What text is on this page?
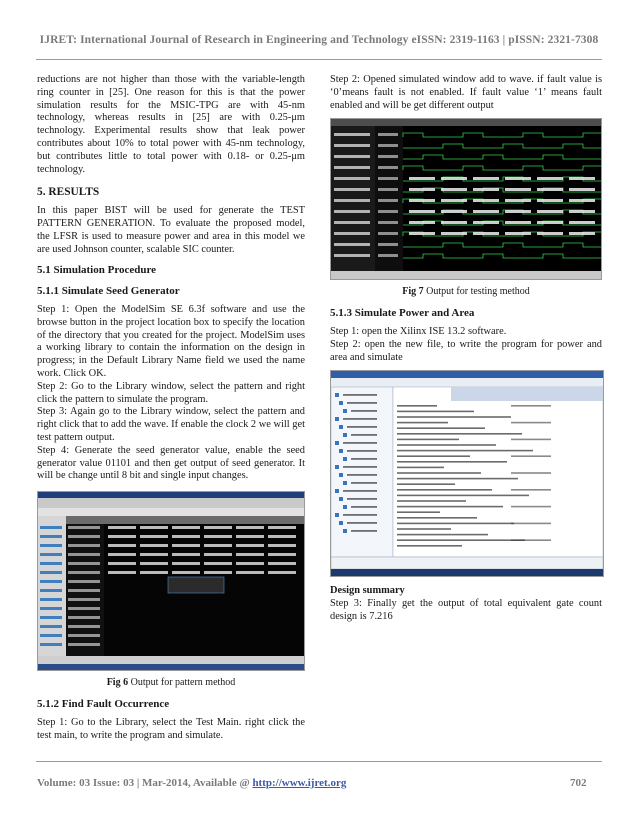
IJRET: International Journal of Research in Engineering and Technology eISSN: 2319-1163 | pISSN: 2321-7308

reductions are not higher than those with the variable-length ring counter in [25]. One reason for this is that the power simulation results for the MSIC-TPG are with 45-nm technology, whereas results in [25] are with 0.25-μm technology. Experimental results show that leak power contributes about 10% to total power with 45-nm technology, but contributes little to total power with 0.18- or 0.25-μm technology.

5. RESULTS

In this paper BIST will be used for generate the TEST PATTERN GENERATION. To evaluate the proposed model, the LFSR is used to measure power and area in this model we are used Johnson counter, scalable SIC counter.

5.1 Simulation Procedure
5.1.1 Simulate Seed Generator

Step 1: Open the ModelSim SE 6.3f software and use the browse button in the project location box to specify the location of the directory that you created for the project. ModelSim uses a working library to contain the information on the design in progress; in the Default Library Name field we used the name work. Click OK.

Step 2: Go to the Library window, select the pattern and right click the pattern to simulate the program.

Step 3: Again go to the Library window, select the pattern and right click that to add the wave. If enable the clock 2 we will get test pattern output.

Step 4: Generate the seed generator value, enable the seed generator value 01101 and then get output of seed generator. It will be change until 8 bit and single input changes.

Fig 6 Output for pattern method
5.1.2 Find Fault Occurrence

Step 1: Go to the Library, select the Test Main. right click the test main, to write the program and simulate.

Step 2: Opened simulated window add to wave. if fault value is ‘0’means fault is not enabled. If fault value ‘1’ means fault enabled and will be get different output

Fig 7 Output for testing method
5.1.3 Simulate Power and Area

Step 1: open the Xilinx ISE 13.2 software.

Step 2: open the new file, to write the program for power and area and simulate

Design summary

Step 3: Finally get the output of total equivalent gate count design is 7.216

Volume: 03 Issue: 03 | Mar-2014, Available @ http://www.ijret.org	702
